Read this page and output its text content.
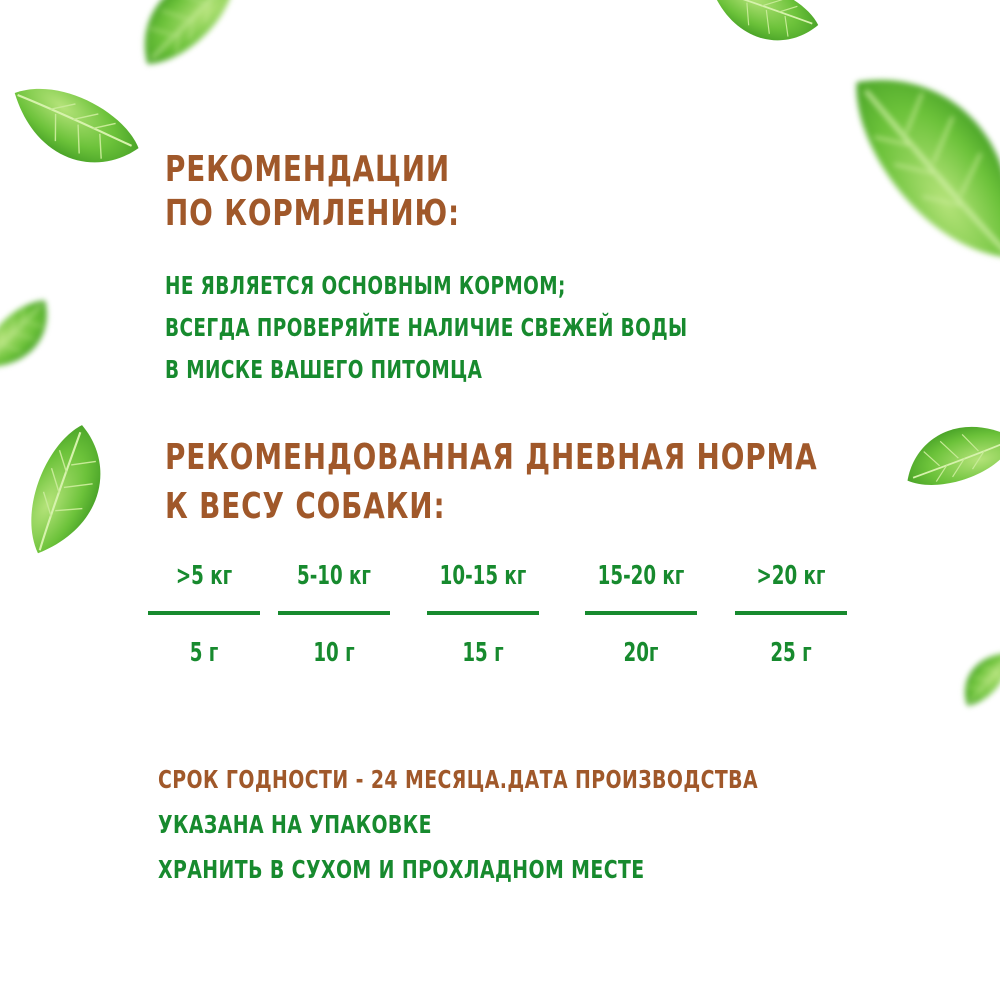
РЕКОМЕНДАЦИИ
ПО КОРМЛЕНИЮ:
НЕ ЯВЛЯЕТСЯ ОСНОВНЫМ КОРМОМ;
ВСЕГДА ПРОВЕРЯЙТЕ НАЛИЧИЕ СВЕЖЕЙ ВОДЫ
В МИСКЕ ВАШЕГО ПИТОМЦА
РЕКОМЕНДОВАННАЯ ДНЕВНАЯ НОРМА
К ВЕСУ СОБАКИ:
>5 кг
5 г
5-10 кг
10 г
10-15 кг
15 г
15-20 кг
20г
>20 кг
25 г
СРОК ГОДНОСТИ - 24 МЕСЯЦА.ДАТА ПРОИЗВОДСТВА
УКАЗАНА НА УПАКОВКЕ
ХРАНИТЬ В СУХОМ И ПРОХЛАДНОМ МЕСТЕ
